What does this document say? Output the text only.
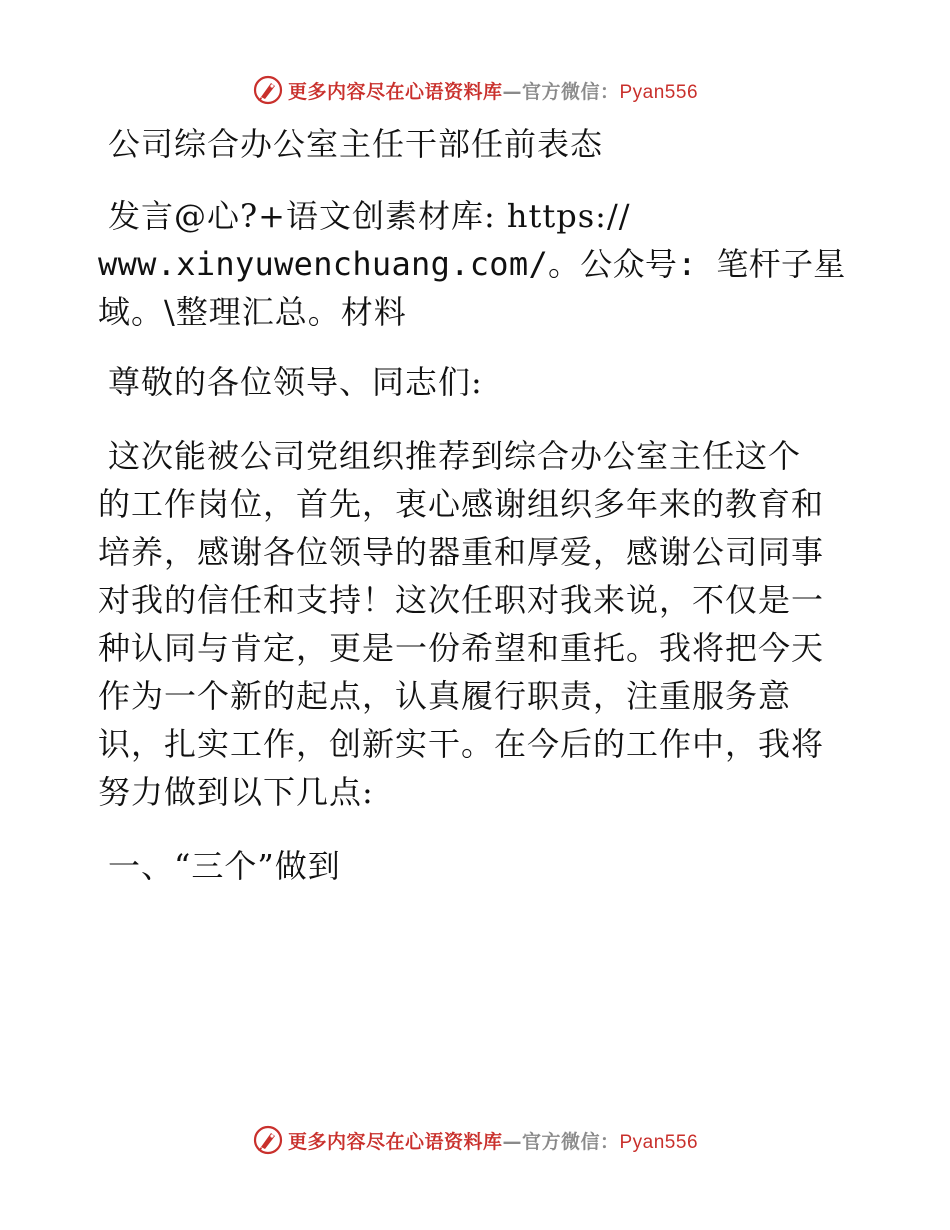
更多内容尽在心语资料库—官方微信：Pyan556
公司综合办公室主任干部任前表态
发言@心?+语文创素材库: https://
www.xinyuwenchuang.com/。公众号: 笔杆子星
域。\整理汇总。材料
尊敬的各位领导、同志们:
这次能被公司党组织推荐到综合办公室主任这个
的工作岗位，首先，衷心感谢组织多年来的教育和
培养，感谢各位领导的器重和厚爱，感谢公司同事
对我的信任和支持！这次任职对我来说，不仅是一
种认同与肯定，更是一份希望和重托。我将把今天
作为一个新的起点，认真履行职责，注重服务意
识，扎实工作，创新实干。在今后的工作中，我将
努力做到以下几点:
一、“三个”做到
更多内容尽在心语资料库—官方微信：Pyan556
